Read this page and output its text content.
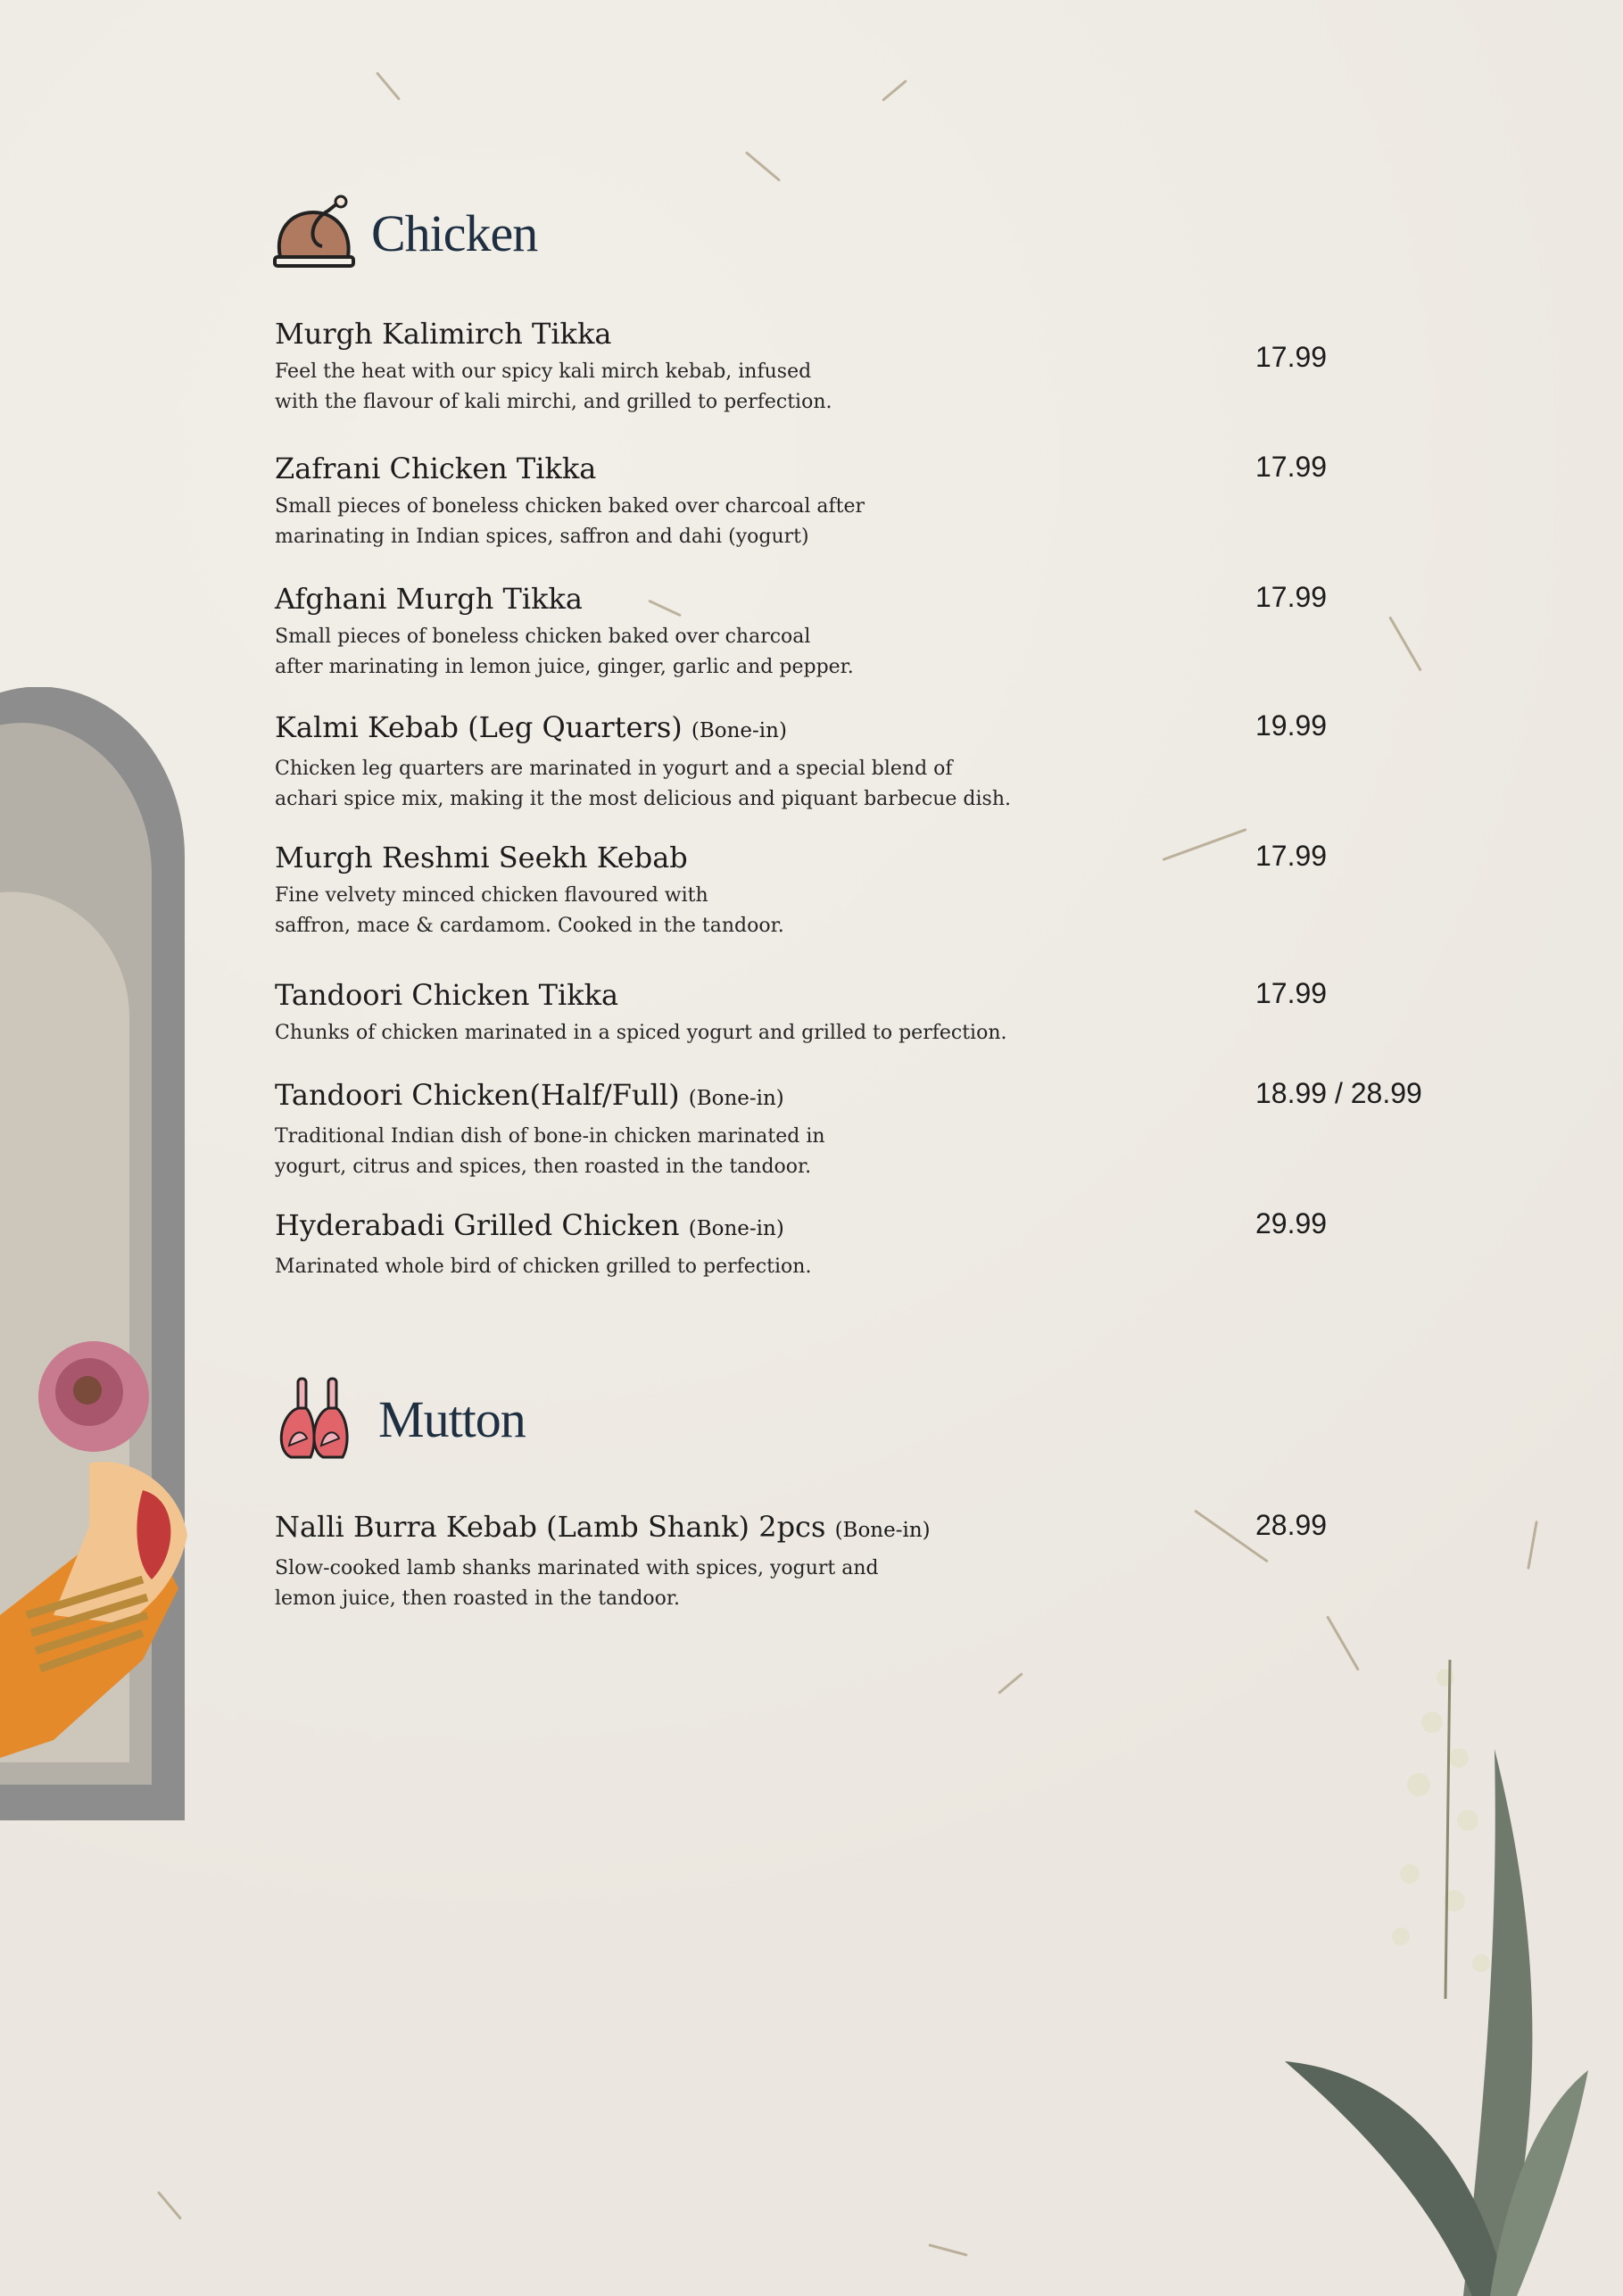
Chicken
Murgh Kalimirch Tikka
Feel the heat with our spicy kali mirch kebab, infused
with the flavour of kali mirchi, and grilled to perfection.
17.99
Zafrani Chicken Tikka
Small pieces of boneless chicken baked over charcoal after
marinating in Indian spices, saffron and dahi (yogurt)
17.99
Afghani Murgh Tikka
Small pieces of boneless chicken baked over charcoal
after marinating in lemon juice, ginger, garlic and pepper.
17.99
Kalmi Kebab (Leg Quarters) (Bone-in)
Chicken leg quarters are marinated in yogurt and a special blend of
achari spice mix, making it the most delicious and piquant barbecue dish.
19.99
Murgh Reshmi Seekh Kebab
Fine velvety minced chicken flavoured with
saffron, mace & cardamom. Cooked in the tandoor.
17.99
Tandoori Chicken Tikka
Chunks of chicken marinated in a spiced yogurt and grilled to perfection.
17.99
Tandoori Chicken(Half/Full) (Bone-in)
Traditional Indian dish of bone-in chicken marinated in
yogurt, citrus and spices, then roasted in the tandoor.
18.99 / 28.99
Hyderabadi Grilled Chicken (Bone-in)
Marinated whole bird of chicken grilled to perfection.
29.99
Mutton
Nalli Burra Kebab (Lamb Shank) 2pcs (Bone-in)
Slow-cooked lamb shanks marinated with spices, yogurt and
lemon juice, then roasted in the tandoor.
28.99
